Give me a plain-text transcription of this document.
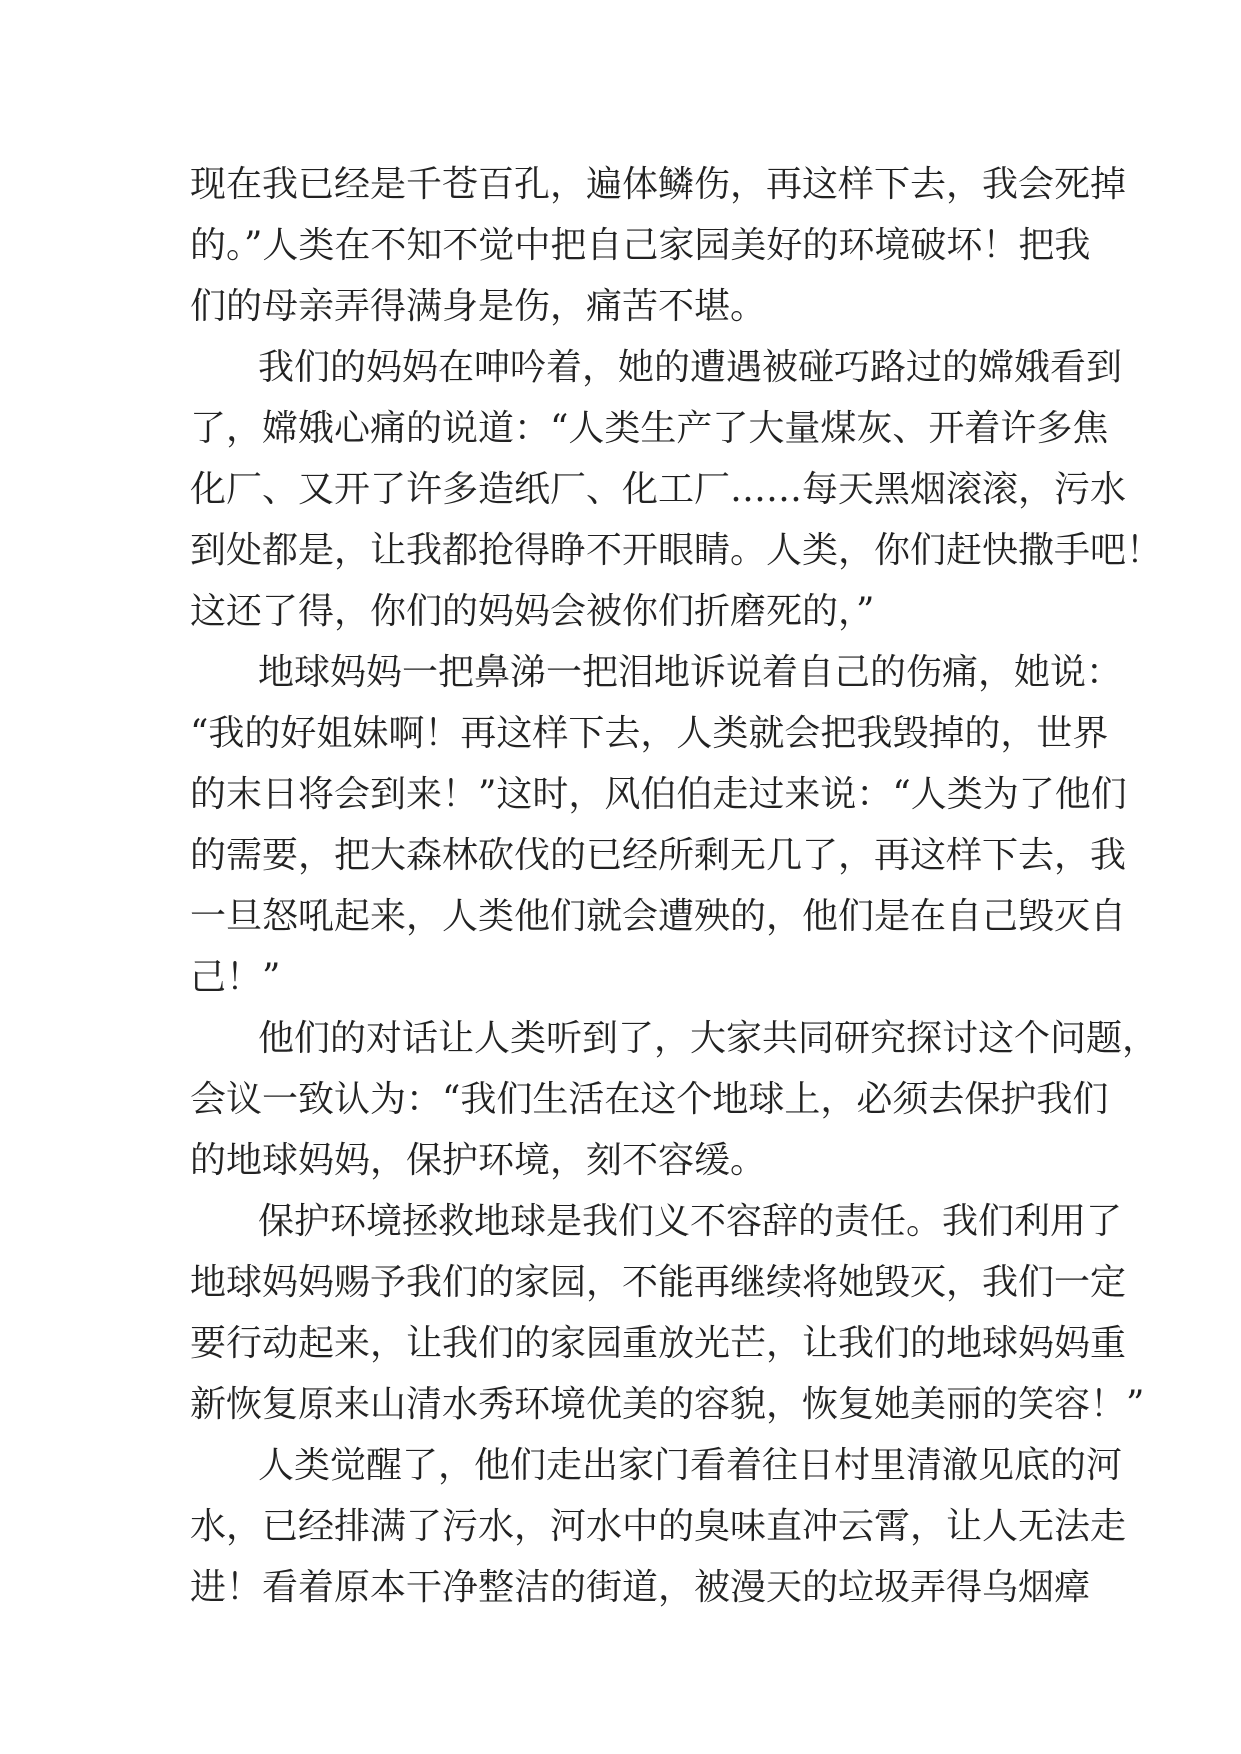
现在我已经是千苍百孔，遍体鳞伤，再这样下去，我会死掉
的。”人类在不知不觉中把自己家园美好的环境破坏！把我
们的母亲弄得满身是伤，痛苦不堪。
我们的妈妈在呻吟着，她的遭遇被碰巧路过的嫦娥看到
了，嫦娥心痛的说道：“人类生产了大量煤灰、开着许多焦
化厂、又开了许多造纸厂、化工厂……每天黑烟滚滚，污水
到处都是，让我都抢得睁不开眼睛。人类，你们赶快撒手吧！
这还了得，你们的妈妈会被你们折磨死的，”
地球妈妈一把鼻涕一把泪地诉说着自己的伤痛，她说：
“我的好姐妹啊！再这样下去，人类就会把我毁掉的，世界
的末日将会到来！”这时，风伯伯走过来说：“人类为了他们
的需要，把大森林砍伐的已经所剩无几了，再这样下去，我
一旦怒吼起来，人类他们就会遭殃的，他们是在自己毁灭自
己！”
他们的对话让人类听到了，大家共同研究探讨这个问题，
会议一致认为：“我们生活在这个地球上，必须去保护我们
的地球妈妈，保护环境，刻不容缓。
保护环境拯救地球是我们义不容辞的责任。我们利用了
地球妈妈赐予我们的家园，不能再继续将她毁灭，我们一定
要行动起来，让我们的家园重放光芒，让我们的地球妈妈重
新恢复原来山清水秀环境优美的容貌，恢复她美丽的笑容！”
人类觉醒了，他们走出家门看着往日村里清澈见底的河
水，已经排满了污水，河水中的臭味直冲云霄，让人无法走
进！看着原本干净整洁的街道，被漫天的垃圾弄得乌烟瘴
